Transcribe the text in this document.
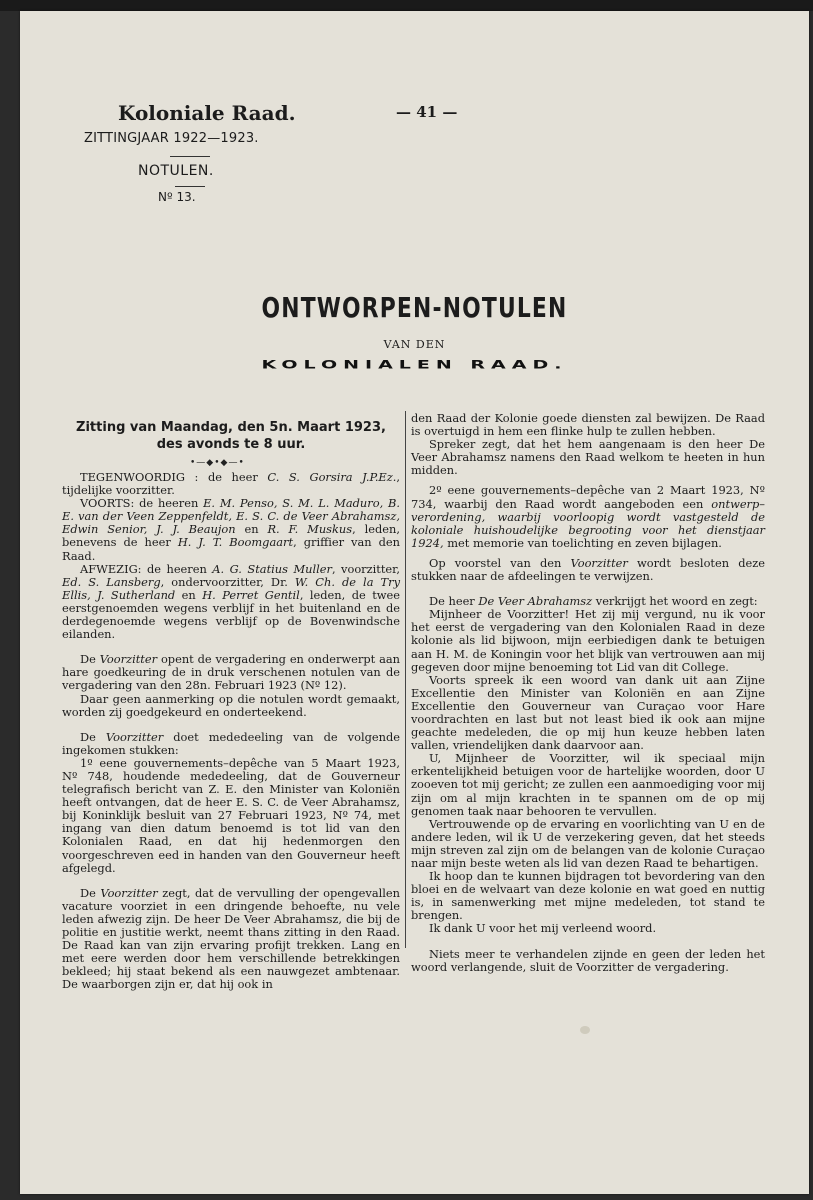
Koloniale Raad.
ZITTINGJAAR 1922—1923.
— 41 —
NOTULEN.
Nº 13.
ONTWORPEN-NOTULEN
VAN DEN
KOLONIALEN RAAD.
Zitting van Maandag, den 5n. Maart 1923,
des avonds te 8 uur.
•—◆•◆—•

TEGENWOORDIG : de heer C. S. Gorsira J.P.Ez., tijdelijke voorzitter.

VOORTS: de heeren E. M. Penso, S. M. L. Maduro, B. E. van der Veen Zeppenfeldt, E. S. C. de Veer Abrahamsz, Edwin Senior, J. J. Beaujon en R. F. Muskus, leden, benevens de heer H. J. T. Boomgaart, griffier van den Raad.

AFWEZIG: de heeren A. G. Statius Muller, voorzitter, Ed. S. Lansberg, ondervoorzitter, Dr. W. Ch. de la Try Ellis, J. Sutherland en H. Perret Gentil, leden, de twee eerstgenoemden wegens verblijf in het buitenland en de derdegenoemde wegens verblijf op de Bovenwindsche eilanden.

De Voorzitter opent de vergadering en onderwerpt aan hare goedkeuring de in druk verschenen notulen van de vergadering van den 28n. Februari 1923 (Nº 12).

Daar geen aanmerking op die notulen wordt gemaakt, worden zij goedgekeurd en onderteekend.

De Voorzitter doet mededeeling van de volgende ingekomen stukken:

1º eene gouvernements–depêche van 5 Maart 1923, Nº 748, houdende mededeeling, dat de Gouverneur telegrafisch bericht van Z. E. den Minister van Koloniën heeft ontvangen, dat de heer E. S. C. de Veer Abrahamsz, bij Koninklijk besluit van 27 Februari 1923, Nº 74, met ingang van dien datum benoemd is tot lid van den Kolonialen Raad, en dat hij hedenmorgen den voorgeschreven eed in handen van den Gouverneur heeft afgelegd.

De Voorzitter zegt, dat de vervulling der opengevallen vacature voorziet in een dringende behoefte, nu vele leden afwezig zijn. De heer De Veer Abrahamsz, die bij de politie en justitie werkt, neemt thans zitting in den Raad. De Raad kan van zijn ervaring profijt trekken. Lang en met eere werden door hem verschillende betrekkingen bekleed; hij staat bekend als een nauwgezet ambtenaar. De waarborgen zijn er, dat hij ook in

den Raad der Kolonie goede diensten zal bewijzen. De Raad is overtuigd in hem een flinke hulp te zullen hebben.

Spreker zegt, dat het hem aangenaam is den heer De Veer Abrahamsz namens den Raad welkom te heeten in hun midden.

2º eene gouvernements–depêche van 2 Maart 1923, Nº 734, waarbij den Raad wordt aangeboden een ontwerp–verordening, waarbij voorloopig wordt vastgesteld de koloniale huishoudelijke begrooting voor het dienstjaar 1924, met memorie van toelichting en zeven bijlagen.

Op voorstel van den Voorzitter wordt besloten deze stukken naar de afdeelingen te verwijzen.

De heer De Veer Abrahamsz verkrijgt het woord en zegt:

Mijnheer de Voorzitter! Het zij mij vergund, nu ik voor het eerst de vergadering van den Kolonialen Raad in deze kolonie als lid bijwoon, mijn eerbiedigen dank te betuigen aan H. M. de Koningin voor het blijk van vertrouwen aan mij gegeven door mijne benoeming tot Lid van dit College.

Voorts spreek ik een woord van dank uit aan Zijne Excellentie den Minister van Koloniën en aan Zijne Excellentie den Gouverneur van Curaçao voor Hare voordrachten en last but not least bied ik ook aan mijne geachte medeleden, die op mij hun keuze hebben laten vallen, vriendelijken dank daarvoor aan.

U, Mijnheer de Voorzitter, wil ik speciaal mijn erkentelijkheid betuigen voor de hartelijke woorden, door U zooeven tot mij gericht; ze zullen een aanmoediging voor mij zijn om al mijn krachten in te spannen om de op mij genomen taak naar behooren te vervullen.

Vertrouwende op de ervaring en voorlichting van U en de andere leden, wil ik U de verzekering geven, dat het steeds mijn streven zal zijn om de belangen van de kolonie Curaçao naar mijn beste weten als lid van dezen Raad te behartigen.

Ik hoop dan te kunnen bijdragen tot bevordering van den bloei en de welvaart van deze kolonie en wat goed en nuttig is, in samenwerking met mijne medeleden, tot stand te brengen.

Ik dank U voor het mij verleend woord.

Niets meer te verhandelen zijnde en geen der leden het woord verlangende, sluit de Voorzitter de vergadering.
